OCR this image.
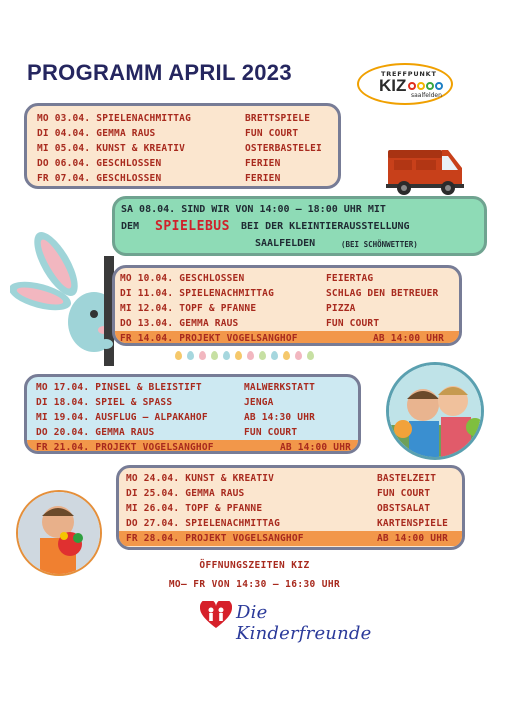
PROGRAMM APRIL 2023	TREFFPUNKT
KIZ
saalfelden
MO 03.04. SPIELENACHMITTAG	BRETTSPIELE
DI 04.04. GEMMA RAUS	FUN COURT
MI 05.04. KUNST & KREATIV	OSTERBASTELEI
DO 06.04. GESCHLOSSEN	FERIEN
FR 07.04. GESCHLOSSEN	FERIEN
SA 08.04. SIND WIR VON 14:00 – 18:00 UHR MIT
DEM SPIELEBUS BEI DER KLEINTIERAUSSTELLUNG
SAALFELDEN	(BEI SCHÖNWETTER)
MO 10.04. GESCHLOSSEN	FEIERTAG
DI 11.04. SPIELENACHMITTAG	SCHLAG DEN BETREUER
MI 12.04. TOPF & PFANNE	PIZZA
DO 13.04. GEMMA RAUS	FUN COURT
FR 14.04. PROJEKT VOGELSANGHOF	AB 14:00 UHR
MO 17.04. PINSEL & BLEISTIFT	MALWERKSTATT
DI 18.04. SPIEL & SPASS	JENGA
MI 19.04. AUSFLUG – ALPAKAHOF	AB 14:30 UHR
DO 20.04. GEMMA RAUS	FUN COURT
FR 21.04. PROJEKT VOGELSANGHOF	AB 14:00 UHR
MO 24.04. KUNST & KREATIV	BASTELZEIT
DI 25.04. GEMMA RAUS	FUN COURT
MI 26.04. TOPF & PFANNE	OBSTSALAT
DO 27.04. SPIELENACHMITTAG	KARTENSPIELE
FR 28.04. PROJEKT VOGELSANGHOF	AB 14:00 UHR
ÖFFNUNGSZEITEN KIZ
MO– FR VON 14:30 – 16:30 UHR
Die Kinderfreunde
